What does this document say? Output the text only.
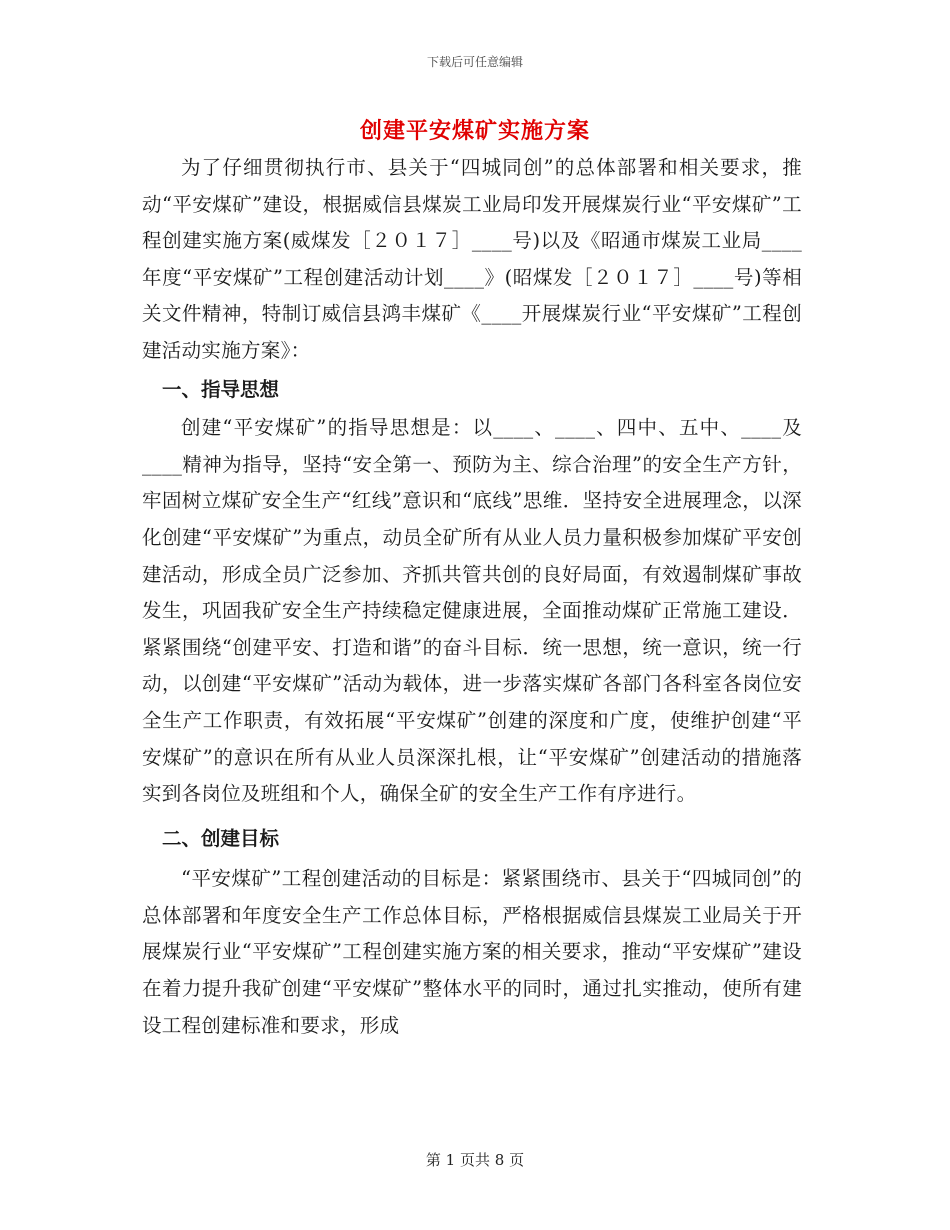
下载后可任意编辑
创建平安煤矿实施方案

为了仔细贯彻执行市、县关于“四城同创”的总体部署和相关要求，推动“平安煤矿”建设，根据威信县煤炭工业局印发开展煤炭行业“平安煤矿”工程创建实施方案(威煤发［２０１７］____号)以及《昭通市煤炭工业局____年度“平安煤矿”工程创建活动计划____》(昭煤发［２０１７］____号)等相关文件精神，特制订威信县鸿丰煤矿《____开展煤炭行业“平安煤矿”工程创建活动实施方案》：

一、指导思想

创建“平安煤矿”的指导思想是：以____、____、四中、五中、____及____精神为指导，坚持“安全第一、预防为主、综合治理”的安全生产方针，牢固树立煤矿安全生产“红线”意识和“底线”思维．坚持安全进展理念，以深化创建“平安煤矿”为重点，动员全矿所有从业人员力量积极参加煤矿平安创建活动，形成全员广泛参加、齐抓共管共创的良好局面，有效遏制煤矿事故发生，巩固我矿安全生产持续稳定健康进展，全面推动煤矿正常施工建设．紧紧围绕“创建平安、打造和谐”的奋斗目标．统一思想，统一意识，统一行动，以创建“平安煤矿”活动为载体，进一步落实煤矿各部门各科室各岗位安全生产工作职责，有效拓展“平安煤矿”创建的深度和广度，使维护创建“平安煤矿”的意识在所有从业人员深深扎根，让“平安煤矿”创建活动的措施落实到各岗位及班组和个人，确保全矿的安全生产工作有序进行。

二、创建目标

“平安煤矿”工程创建活动的目标是：紧紧围绕市、县关于“四城同创”的总体部署和年度安全生产工作总体目标，严格根据威信县煤炭工业局关于开展煤炭行业“平安煤矿”工程创建实施方案的相关要求，推动“平安煤矿”建设在着力提升我矿创建“平安煤矿”整体水平的同时，通过扎实推动，使所有建设工程创建标准和要求，形成

第 1 页共 8 页
